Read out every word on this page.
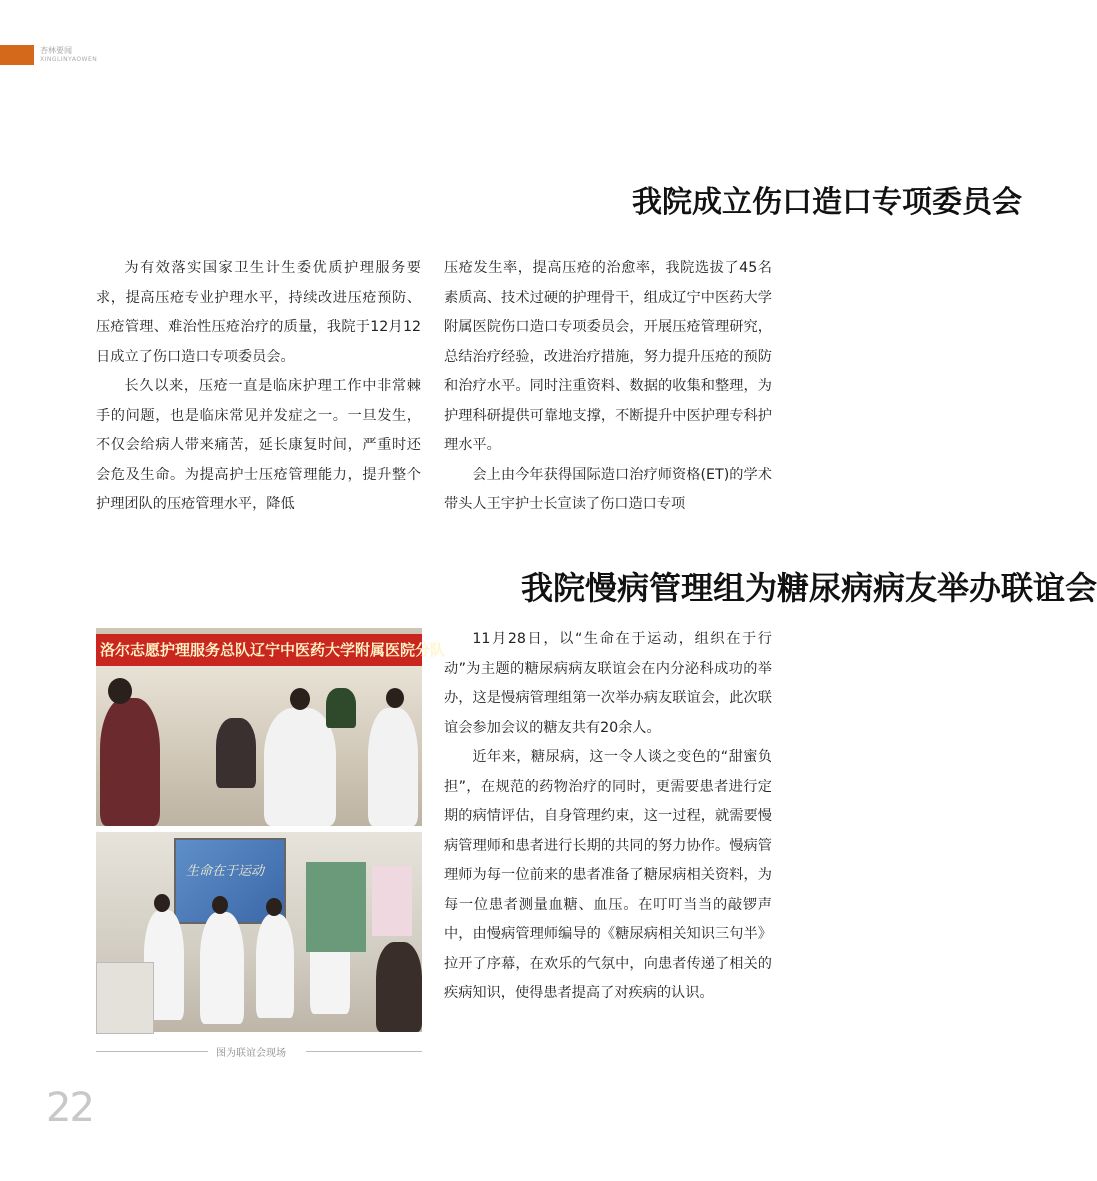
杏林要闻
XINGLINYAOWEN
我院成立伤口造口专项委员会

为有效落实国家卫生计生委优质护理服务要求，提高压疮专业护理水平，持续改进压疮预防、压疮管理、难治性压疮治疗的质量，我院于12月12日成立了伤口造口专项委员会。

长久以来，压疮一直是临床护理工作中非常棘手的问题，也是临床常见并发症之一。一旦发生，不仅会给病人带来痛苦，延长康复时间，严重时还会危及生命。为提高护士压疮管理能力，提升整个护理团队的压疮管理水平，降低

压疮发生率，提高压疮的治愈率，我院选拔了45名素质高、技术过硬的护理骨干，组成辽宁中医药大学附属医院伤口造口专项委员会，开展压疮管理研究，总结治疗经验，改进治疗措施，努力提升压疮的预防和治疗水平。同时注重资料、数据的收集和整理，为护理科研提供可靠地支撑，不断提升中医护理专科护理水平。

会上由今年获得国际造口治疗师资格(ET)的学术带头人王宇护士长宣读了伤口造口专项

我院慢病管理组为糖尿病病友举办联谊会
洛尔志愿护理服务总队辽宁中医药大学附属医院分队
生命在于运动
图为联谊会现场

11月28日，以“生命在于运动，组织在于行动”为主题的糖尿病病友联谊会在内分泌科成功的举办，这是慢病管理组第一次举办病友联谊会，此次联谊会参加会议的糖友共有20余人。

近年来，糖尿病，这一令人谈之变色的“甜蜜负担”，在规范的药物治疗的同时，更需要患者进行定期的病情评估，自身管理约束，这一过程，就需要慢病管理师和患者进行长期的共同的努力协作。慢病管理师为每一位前来的患者准备了糖尿病相关资料，为每一位患者测量血糖、血压。在叮叮当当的敲锣声中，由慢病管理师编导的《糖尿病相关知识三句半》拉开了序幕，在欢乐的气氛中，向患者传递了相关的疾病知识，使得患者提高了对疾病的认识。

22
